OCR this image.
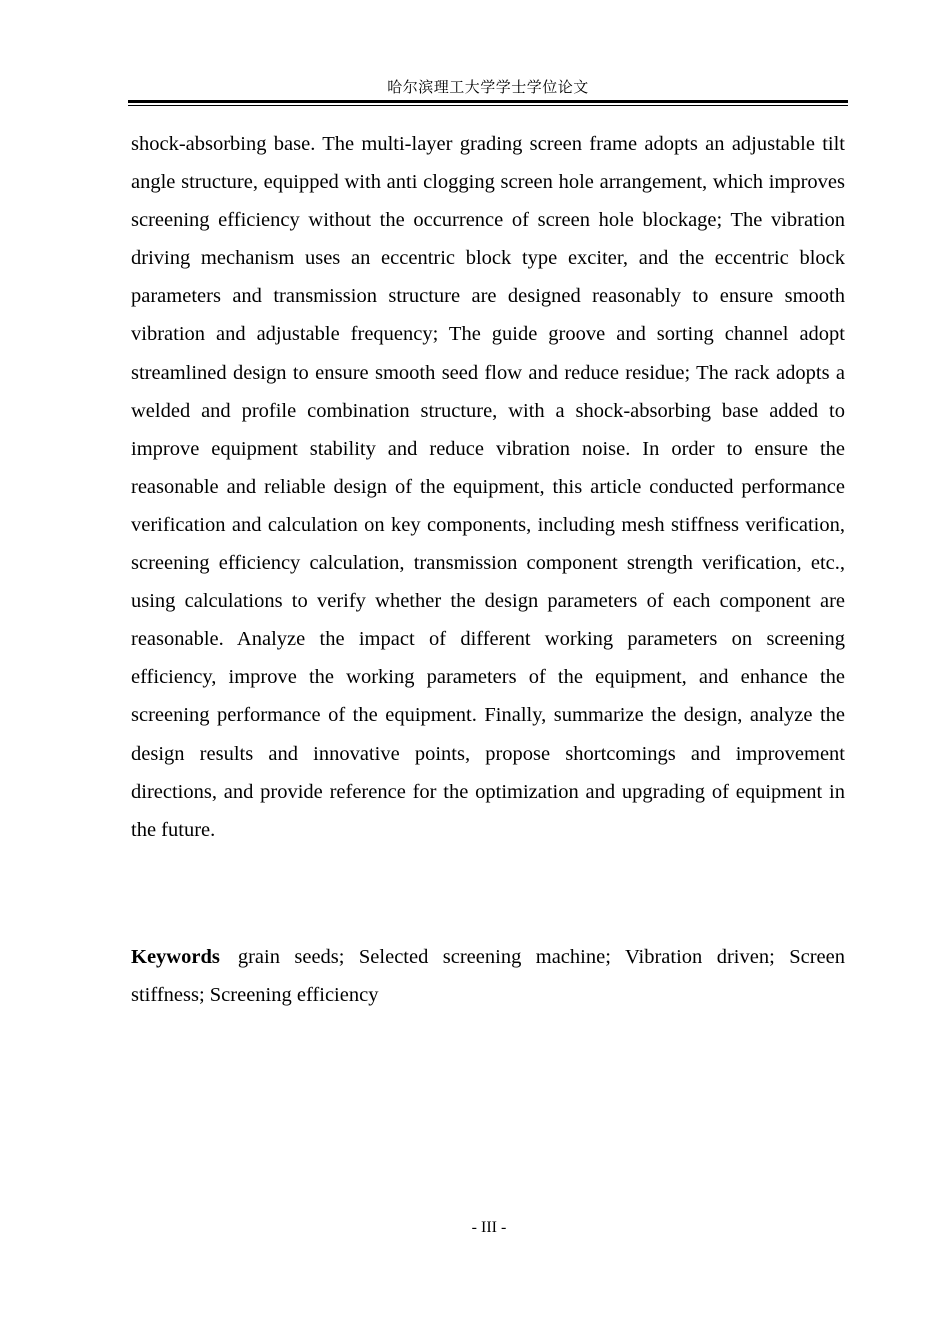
哈尔滨理工大学学士学位论文

shock-absorbing base. The multi-layer grading screen frame adopts an adjustable tilt angle structure, equipped with anti clogging screen hole arrangement, which improves screening efficiency without the occurrence of screen hole blockage; The vibration driving mechanism uses an eccentric block type exciter, and the eccentric block parameters and transmission structure are designed reasonably to ensure smooth vibration and adjustable frequency; The guide groove and sorting channel adopt streamlined design to ensure smooth seed flow and reduce residue; The rack adopts a welded and profile combination structure, with a shock-absorbing base added to improve equipment stability and reduce vibration noise. In order to ensure the reasonable and reliable design of the equipment, this article conducted performance verification and calculation on key components, including mesh stiffness verification, screening efficiency calculation, transmission component strength verification, etc., using calculations to verify whether the design parameters of each component are reasonable. Analyze the impact of different working parameters on screening efficiency, improve the working parameters of the equipment, and enhance the screening performance of the equipment. Finally, summarize the design, analyze the design results and innovative points, propose shortcomings and improvement directions, and provide reference for the optimization and upgrading of equipment in the future.

Keywords grain seeds; Selected screening machine; Vibration driven; Screen stiffness; Screening efficiency

- III -
